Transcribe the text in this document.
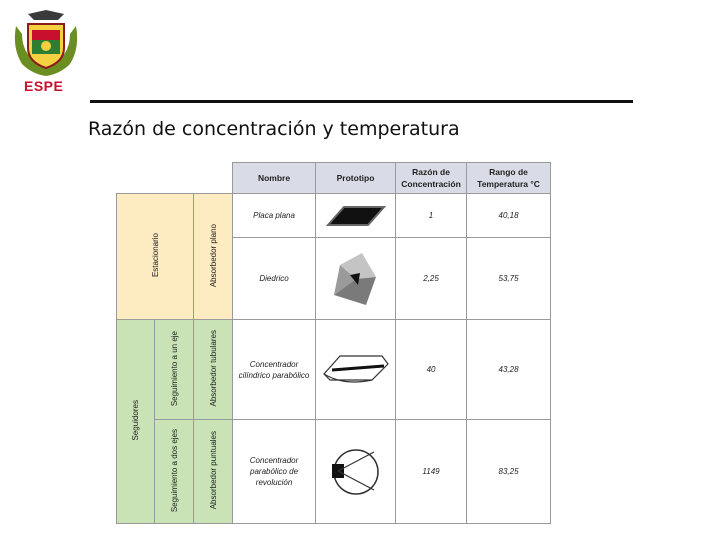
ESPE
Razón de concentración y temperatura
			Nombre	Prototipo	Razón de Concentración	Rango de Temperatura °C
Estacionario		Absorbedor plano	Placa plana		1	40,18
			Diedrico		2,25	53,75
Seguidores	Seguimiento a un eje	Absorbedor tubulares	Concentrador cilíndrico parabólico		40	43,28
	Seguimiento a dos ejes	Absorbedor puntuales	Concentrador parabólico de revolución		1149	83,25
